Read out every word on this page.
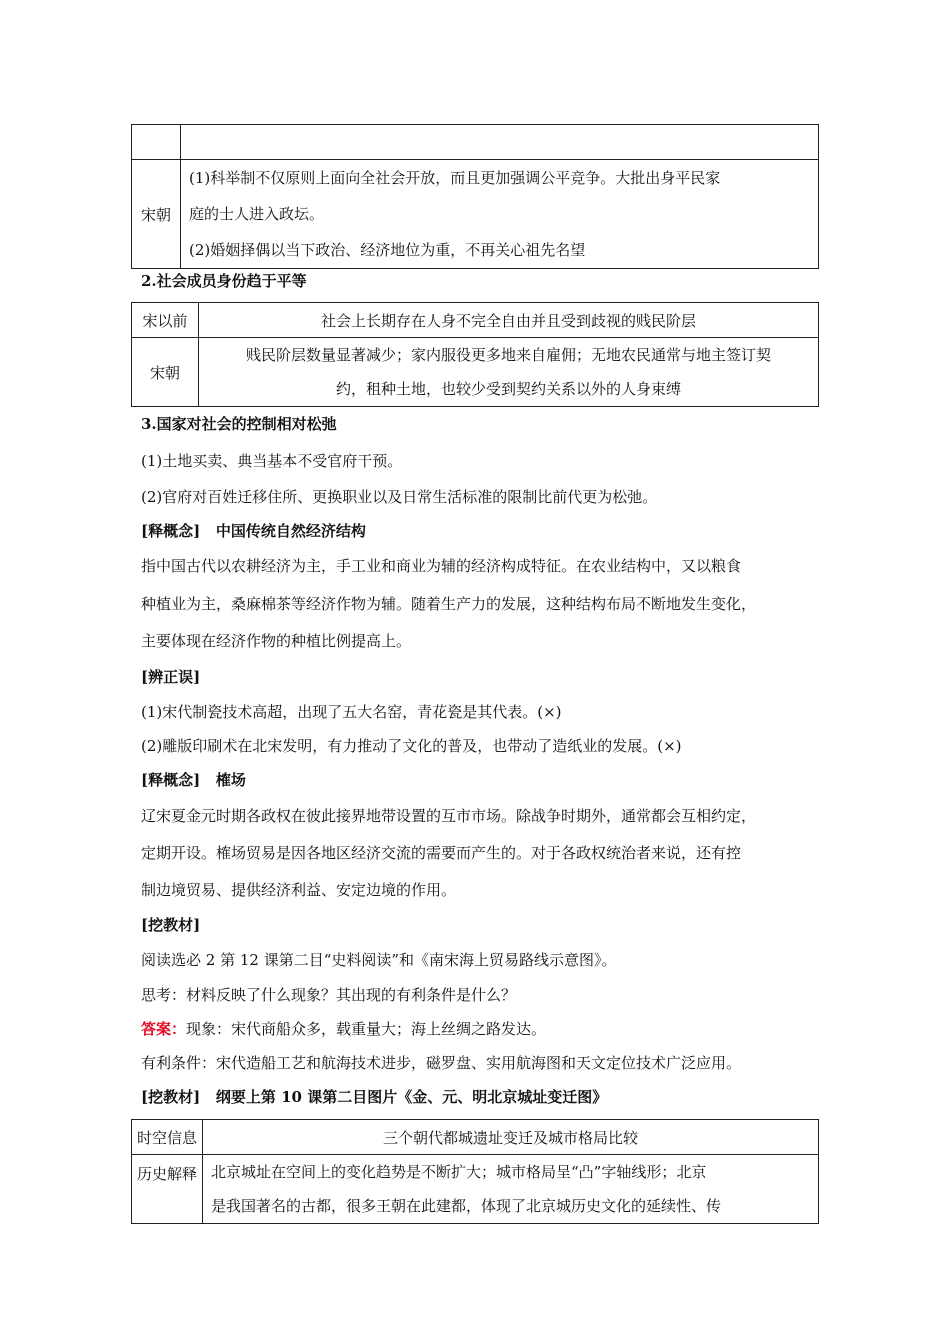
宋朝	(1)科举制不仅原则上面向全社会开放，而且更加强调公平竞争。大批出身平民家
庭的士人进入政坛。
(2)婚姻择偶以当下政治、经济地位为重，不再关心祖先名望
2.社会成员身份趋于平等
宋以前	社会上长期存在人身不完全自由并且受到歧视的贱民阶层
宋朝	贱民阶层数量显著减少；家内服役更多地来自雇佣；无地农民通常与地主签订契
约，租种土地，也较少受到契约关系以外的人身束缚
3.国家对社会的控制相对松弛
(1)土地买卖、典当基本不受官府干预。
(2)官府对百姓迁移住所、更换职业以及日常生活标准的限制比前代更为松弛。
[释概念] 中国传统自然经济结构
指中国古代以农耕经济为主，手工业和商业为辅的经济构成特征。在农业结构中，又以粮食
种植业为主，桑麻棉茶等经济作物为辅。随着生产力的发展，这种结构布局不断地发生变化，
主要体现在经济作物的种植比例提高上。
[辨正误]
(1)宋代制瓷技术高超，出现了五大名窑，青花瓷是其代表。(×)
(2)雕版印刷术在北宋发明，有力推动了文化的普及，也带动了造纸业的发展。(×)
[释概念] 榷场
辽宋夏金元时期各政权在彼此接界地带设置的互市市场。除战争时期外，通常都会互相约定，
定期开设。榷场贸易是因各地区经济交流的需要而产生的。对于各政权统治者来说，还有控
制边境贸易、提供经济利益、安定边境的作用。
[挖教材]
阅读选必 2 第 12 课第二目“史料阅读”和《南宋海上贸易路线示意图》。
思考：材料反映了什么现象？其出现的有利条件是什么？
答案：现象：宋代商船众多，载重量大；海上丝绸之路发达。
有利条件：宋代造船工艺和航海技术进步，磁罗盘、实用航海图和天文定位技术广泛应用。
[挖教材] 纲要上第 10 课第二目图片《金、元、明北京城址变迁图》
时空信息	三个朝代都城遗址变迁及城市格局比较
历史解释	北京城址在空间上的变化趋势是不断扩大；城市格局呈“凸”字轴线形；北京
是我国著名的古都，很多王朝在此建都，体现了北京城历史文化的延续性、传
